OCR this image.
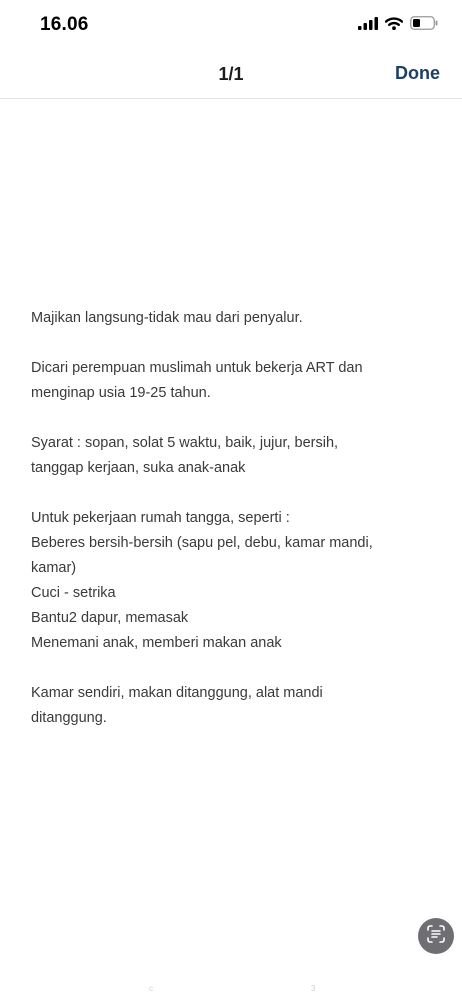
16.06
1/1	Done

Majikan langsung-tidak mau dari penyalur.

Dicari perempuan muslimah untuk bekerja ART dan
menginap usia 19-25 tahun.

Syarat : sopan, solat 5 waktu, baik, jujur, bersih,
tanggap kerjaan, suka anak-anak

Untuk pekerjaan rumah tangga, seperti :
Beberes bersih-bersih (sapu pel, debu, kamar mandi,
kamar)
Cuci - setrika
Bantu2 dapur, memasak
Menemani anak, memberi makan anak

Kamar sendiri, makan ditanggung, alat mandi
ditanggung.

c	3
